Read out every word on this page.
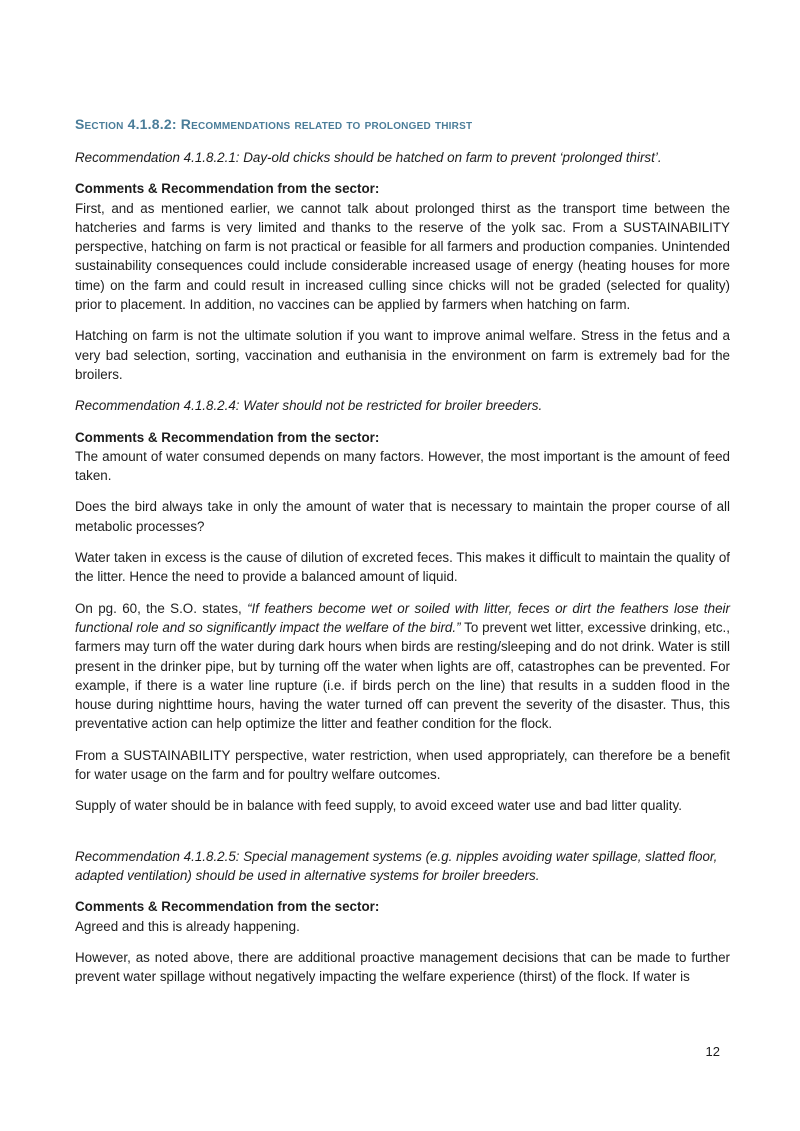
Section 4.1.8.2: Recommendations related to prolonged thirst

Recommendation 4.1.8.2.1: Day-old chicks should be hatched on farm to prevent ‘prolonged thirst’.

Comments & Recommendation from the sector:

First, and as mentioned earlier, we cannot talk about prolonged thirst as the transport time between the hatcheries and farms is very limited and thanks to the reserve of the yolk sac. From a SUSTAINABILITY perspective, hatching on farm is not practical or feasible for all farmers and production companies. Unintended sustainability consequences could include considerable increased usage of energy (heating houses for more time) on the farm and could result in increased culling since chicks will not be graded (selected for quality) prior to placement. In addition, no vaccines can be applied by farmers when hatching on farm.

Hatching on farm is not the ultimate solution if you want to improve animal welfare. Stress in the fetus and a very bad selection, sorting, vaccination and euthanisia in the environment on farm is extremely bad for the broilers.

Recommendation 4.1.8.2.4: Water should not be restricted for broiler breeders.

Comments & Recommendation from the sector:

The amount of water consumed depends on many factors. However, the most important is the amount of feed taken.

Does the bird always take in only the amount of water that is necessary to maintain the proper course of all metabolic processes?

Water taken in excess is the cause of dilution of excreted feces. This makes it difficult to maintain the quality of the litter. Hence the need to provide a balanced amount of liquid.

On pg. 60, the S.O. states, “If feathers become wet or soiled with litter, feces or dirt the feathers lose their functional role and so significantly impact the welfare of the bird.” To prevent wet litter, excessive drinking, etc., farmers may turn off the water during dark hours when birds are resting/sleeping and do not drink. Water is still present in the drinker pipe, but by turning off the water when lights are off, catastrophes can be prevented. For example, if there is a water line rupture (i.e. if birds perch on the line) that results in a sudden flood in the house during nighttime hours, having the water turned off can prevent the severity of the disaster. Thus, this preventative action can help optimize the litter and feather condition for the flock.

From a SUSTAINABILITY perspective, water restriction, when used appropriately, can therefore be a benefit for water usage on the farm and for poultry welfare outcomes.

Supply of water should be in balance with feed supply, to avoid exceed water use and bad litter quality.

Recommendation 4.1.8.2.5: Special management systems (e.g. nipples avoiding water spillage, slatted floor, adapted ventilation) should be used in alternative systems for broiler breeders.

Comments & Recommendation from the sector:

Agreed and this is already happening.

However, as noted above, there are additional proactive management decisions that can be made to further prevent water spillage without negatively impacting the welfare experience (thirst) of the flock. If water is

12
